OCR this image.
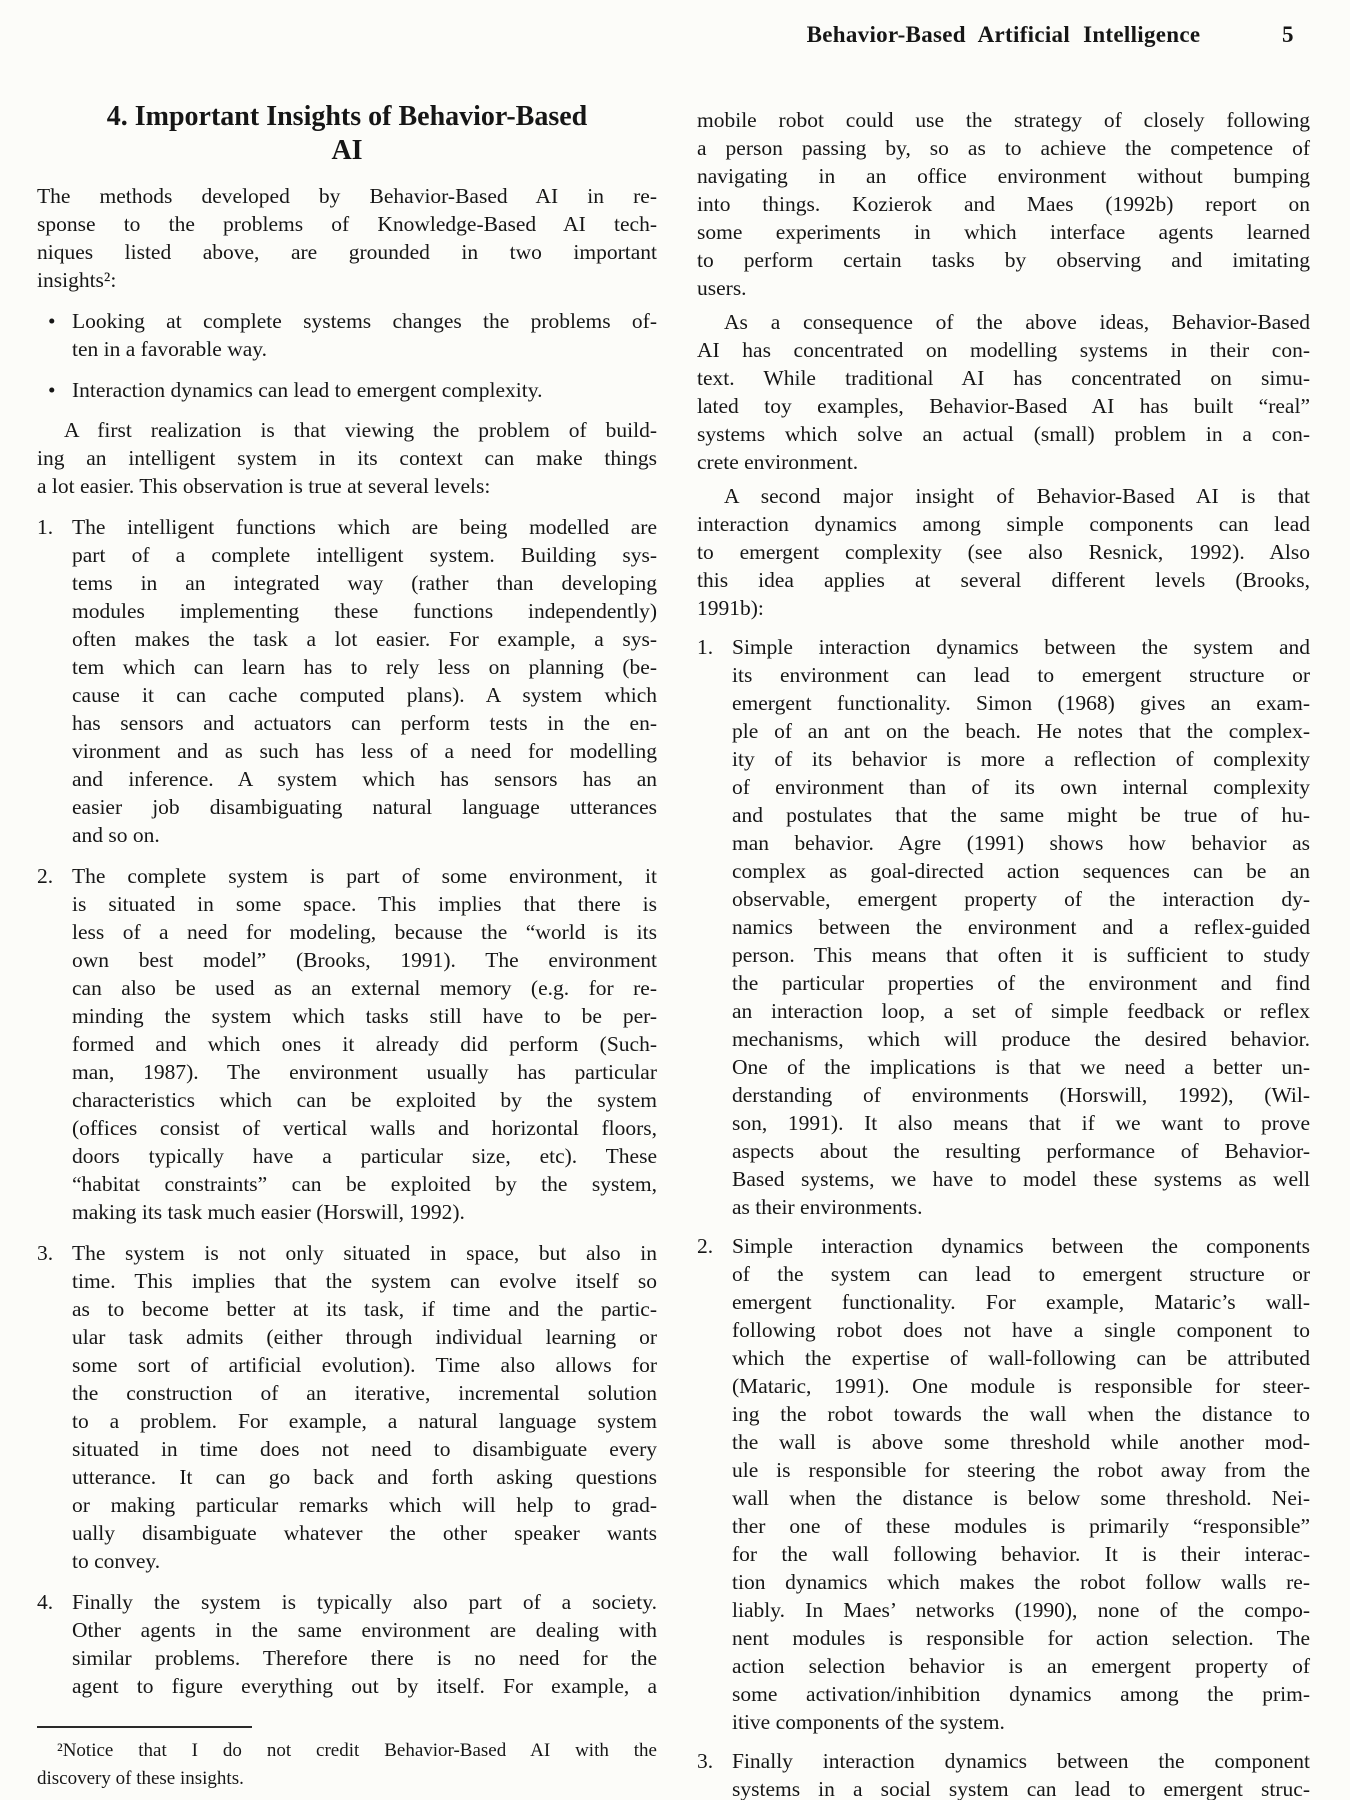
Behavior-Based Artificial Intelligence	5
4. Important Insights of Behavior-Based
AI
The methods developed by Behavior-Based AI in re-
sponse to the problems of Knowledge-Based AI tech-
niques listed above, are grounded in two important
insights²:
• Looking at complete systems changes the problems of-
ten in a favorable way.
• Interaction dynamics can lead to emergent complexity.
A first realization is that viewing the problem of build-
ing an intelligent system in its context can make things
a lot easier. This observation is true at several levels:
1. The intelligent functions which are being modelled are
part of a complete intelligent system. Building sys-
tems in an integrated way (rather than developing
modules implementing these functions independently)
often makes the task a lot easier. For example, a sys-
tem which can learn has to rely less on planning (be-
cause it can cache computed plans). A system which
has sensors and actuators can perform tests in the en-
vironment and as such has less of a need for modelling
and inference. A system which has sensors has an
easier job disambiguating natural language utterances
and so on.
2. The complete system is part of some environment, it
is situated in some space. This implies that there is
less of a need for modeling, because the “world is its
own best model” (Brooks, 1991). The environment
can also be used as an external memory (e.g. for re-
minding the system which tasks still have to be per-
formed and which ones it already did perform (Such-
man, 1987). The environment usually has particular
characteristics which can be exploited by the system
(offices consist of vertical walls and horizontal floors,
doors typically have a particular size, etc). These
“habitat constraints” can be exploited by the system,
making its task much easier (Horswill, 1992).
3. The system is not only situated in space, but also in
time. This implies that the system can evolve itself so
as to become better at its task, if time and the partic-
ular task admits (either through individual learning or
some sort of artificial evolution). Time also allows for
the construction of an iterative, incremental solution
to a problem. For example, a natural language system
situated in time does not need to disambiguate every
utterance. It can go back and forth asking questions
or making particular remarks which will help to grad-
ually disambiguate whatever the other speaker wants
to convey.
4. Finally the system is typically also part of a society.
Other agents in the same environment are dealing with
similar problems. Therefore there is no need for the
agent to figure everything out by itself. For example, a
mobile robot could use the strategy of closely following
a person passing by, so as to achieve the competence of
navigating in an office environment without bumping
into things. Kozierok and Maes (1992b) report on
some experiments in which interface agents learned
to perform certain tasks by observing and imitating
users.
As a consequence of the above ideas, Behavior-Based
AI has concentrated on modelling systems in their con-
text. While traditional AI has concentrated on simu-
lated toy examples, Behavior-Based AI has built “real”
systems which solve an actual (small) problem in a con-
crete environment.
A second major insight of Behavior-Based AI is that
interaction dynamics among simple components can lead
to emergent complexity (see also Resnick, 1992). Also
this idea applies at several different levels (Brooks,
1991b):
1. Simple interaction dynamics between the system and
its environment can lead to emergent structure or
emergent functionality. Simon (1968) gives an exam-
ple of an ant on the beach. He notes that the complex-
ity of its behavior is more a reflection of complexity
of environment than of its own internal complexity
and postulates that the same might be true of hu-
man behavior. Agre (1991) shows how behavior as
complex as goal-directed action sequences can be an
observable, emergent property of the interaction dy-
namics between the environment and a reflex-guided
person. This means that often it is sufficient to study
the particular properties of the environment and find
an interaction loop, a set of simple feedback or reflex
mechanisms, which will produce the desired behavior.
One of the implications is that we need a better un-
derstanding of environments (Horswill, 1992), (Wil-
son, 1991). It also means that if we want to prove
aspects about the resulting performance of Behavior-
Based systems, we have to model these systems as well
as their environments.
2. Simple interaction dynamics between the components
of the system can lead to emergent structure or
emergent functionality. For example, Mataric’s wall-
following robot does not have a single component to
which the expertise of wall-following can be attributed
(Mataric, 1991). One module is responsible for steer-
ing the robot towards the wall when the distance to
the wall is above some threshold while another mod-
ule is responsible for steering the robot away from the
wall when the distance is below some threshold. Nei-
ther one of these modules is primarily “responsible”
for the wall following behavior. It is their interac-
tion dynamics which makes the robot follow walls re-
liably. In Maes’ networks (1990), none of the compo-
nent modules is responsible for action selection. The
action selection behavior is an emergent property of
some activation/inhibition dynamics among the prim-
itive components of the system.
3. Finally interaction dynamics between the component
systems in a social system can lead to emergent struc-
²Notice that I do not credit Behavior-Based AI with the
discovery of these insights.
